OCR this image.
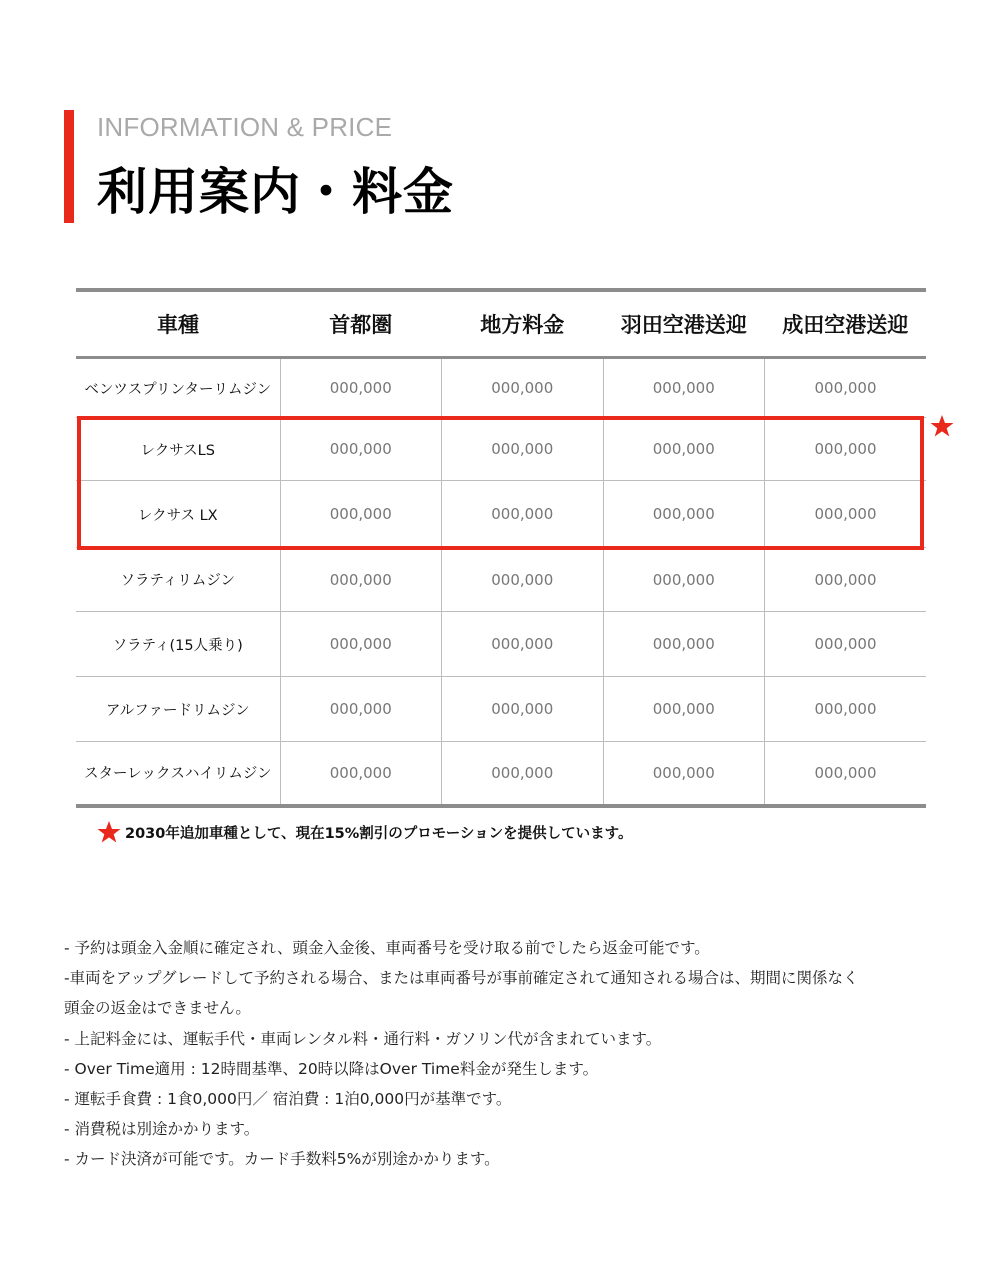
INFORMATION & PRICE
利用案内・料金
車種	首都圏	地方料金	羽田空港送迎	成田空港送迎
ベンツスプリンターリムジン	000,000	000,000	000,000	000,000
レクサスLS	000,000	000,000	000,000	000,000
レクサス LX	000,000	000,000	000,000	000,000
ソラティリムジン	000,000	000,000	000,000	000,000
ソラティ(15人乗り)	000,000	000,000	000,000	000,000
アルファードリムジン	000,000	000,000	000,000	000,000
スターレックスハイリムジン	000,000	000,000	000,000	000,000
2030年追加車種として、現在15%割引のプロモーションを提供しています。
- 予約は頭金入金順に確定され、頭金入金後、車両番号を受け取る前でしたら返金可能です。
-車両をアップグレードして予約される場合、または車両番号が事前確定されて通知される場合は、期間に関係なく
頭金の返金はできません。
- 上記料金には、運転手代・車両レンタル料・通行料・ガソリン代が含まれています。
- Over Time適用 : 12時間基準、20時以降はOver Time料金が発生します。
- 運転手食費 : 1食0,000円／ 宿泊費 : 1泊0,000円が基準です。
- 消費税は別途かかります。
- カード決済が可能です。カード手数料5%が別途かかります。
